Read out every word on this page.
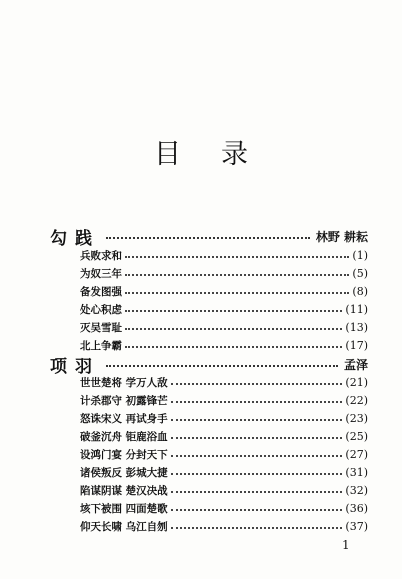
目录
勾践	林野 耕耘
兵败求和	(1)
为奴三年	(5)
备发图强	(8)
处心积虑	(11)
灭吴雪耻	(13)
北上争霸	(17)
项羽	孟泽
世世楚将 学万人敌	(21)
计杀郡守 初露锋芒	(22)
怒诛宋义 再试身手	(23)
破釜沉舟 钜鹿浴血	(25)
设鸿门宴 分封天下	(27)
诸侯叛反 彭城大捷	(31)
陷谋阴谋 楚汉决战	(32)
垓下被围 四面楚歌	(36)
仰天长啸 乌江自刎	(37)
1
